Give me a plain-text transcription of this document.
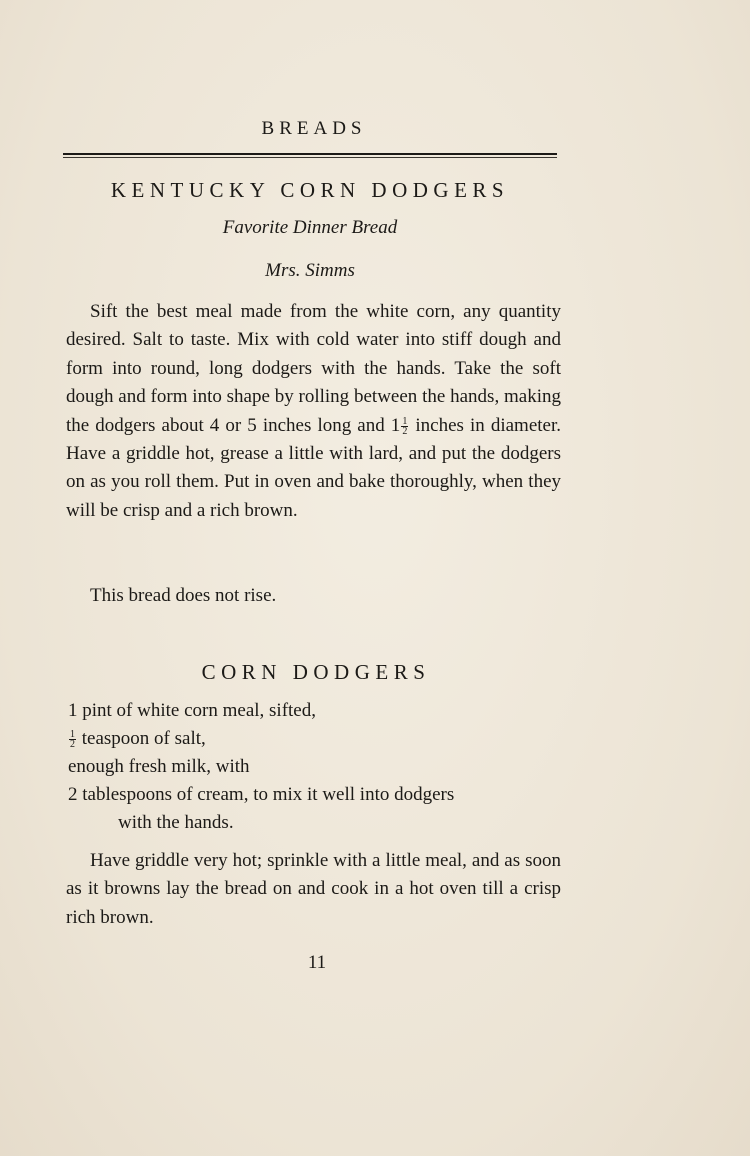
BREADS
KENTUCKY CORN DODGERS
Favorite Dinner Bread
Mrs. Simms
Sift the best meal made from the white corn, any quantity desired. Salt to taste. Mix with cold water into stiff dough and form into round, long dodgers with the hands. Take the soft dough and form into shape by rolling between the hands, making the dodgers about 4 or 5 inches long and $1 \frac{1}{2}$ inches in diameter. Have a griddle hot, grease a little with lard, and put the dodgers on as you roll them. Put in oven and bake thoroughly, when they will be crisp and a rich brown.
This bread does not rise.
CORN DODGERS
1 pint of white corn meal, sifted,
$\frac{1}{2}$ teaspoon of salt,
enough fresh milk, with
2 tablespoons of cream, to mix it well into dodgers
with the hands.
Have griddle very hot; sprinkle with a little meal, and as soon as it browns lay the bread on and cook in a hot oven till a crisp rich brown.
11
